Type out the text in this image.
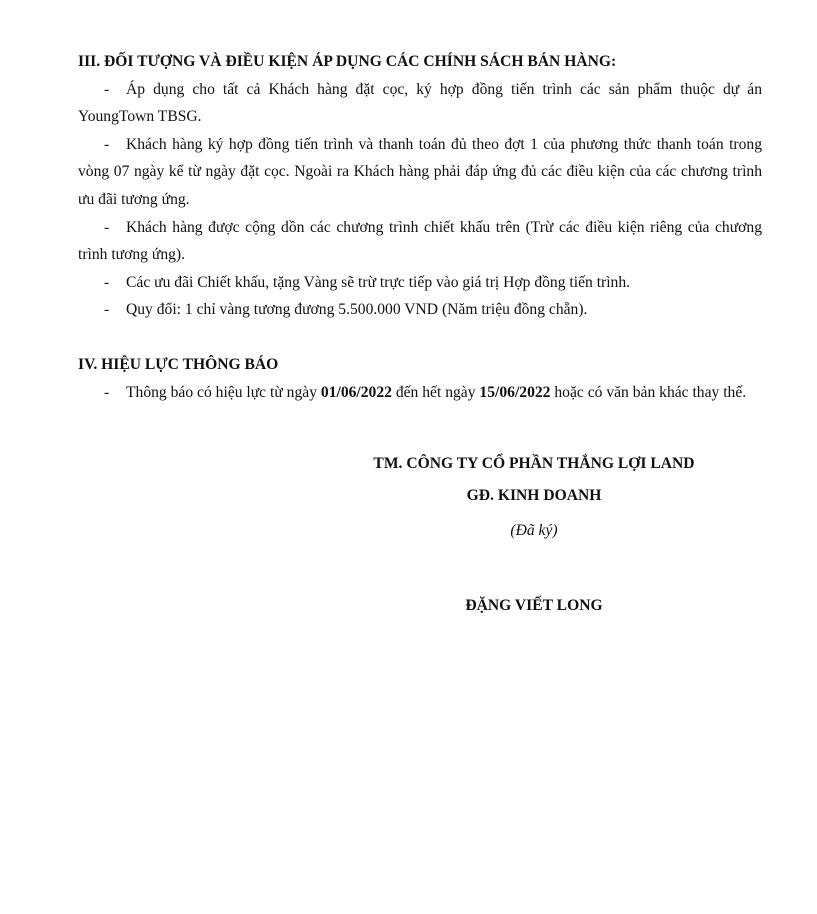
III. ĐỐI TƯỢNG VÀ ĐIỀU KIỆN ÁP DỤNG CÁC CHÍNH SÁCH BÁN HÀNG:

- Áp dụng cho tất cả Khách hàng đặt cọc, ký hợp đồng tiến trình các sản phẩm thuộc dự án YoungTown TBSG.

- Khách hàng ký hợp đồng tiến trình và thanh toán đủ theo đợt 1 của phương thức thanh toán trong vòng 07 ngày kể từ ngày đặt cọc. Ngoài ra Khách hàng phải đáp ứng đủ các điều kiện của các chương trình ưu đãi tương ứng.

- Khách hàng được cộng dồn các chương trình chiết khấu trên (Trừ các điều kiện riêng của chương trình tương ứng).

- Các ưu đãi Chiết khấu, tặng Vàng sẽ trừ trực tiếp vào giá trị Hợp đồng tiến trình.

- Quy đổi: 1 chỉ vàng tương đương 5.500.000 VND (Năm triệu đồng chẵn).

IV. HIỆU LỰC THÔNG BÁO

- Thông báo có hiệu lực từ ngày 01/06/2022 đến hết ngày 15/06/2022 hoặc có văn bản khác thay thế.

TM. CÔNG TY CỔ PHẦN THẮNG LỢI LAND
GĐ. KINH DOANH
(Đã ký)
ĐẶNG VIẾT LONG
